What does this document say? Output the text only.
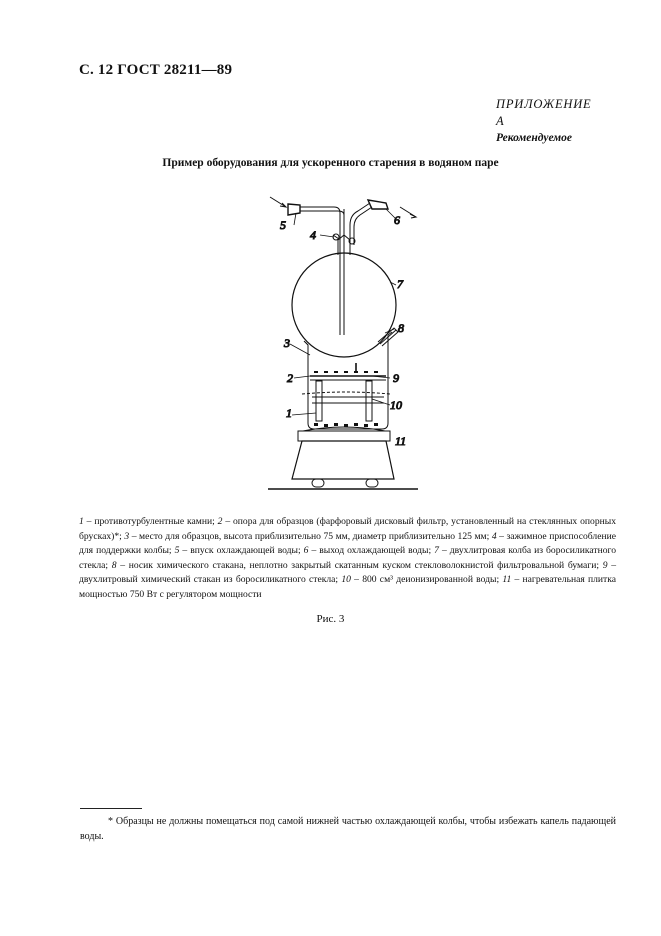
С. 12 ГОСТ 28211—89
ПРИЛОЖЕНИЕ А
Рекомендуемое
Пример оборудования для ускоренного старения в водяном паре
1
2
3
4
5	6
7
8
9
10
11
1 – противотурбулентные камни; 2 – опора для образцов (фарфоровый дисковый фильтр, установленный на стеклянных опорных брусках)*; 3 – место для образцов, высота приблизительно 75 мм, диаметр приблизительно 125 мм; 4 – зажимное приспособление для поддержки колбы; 5 – впуск охлаждающей воды; 6 – выход охлаждающей воды; 7 – двухлитровая колба из боросиликатного стекла; 8 – носик химического стакана, неплотно закрытый скатанным куском стекловолокнистой фильтровальной бумаги; 9 – двухлитровый химический стакан из боросиликатного стекла; 10 – 800 см³ деионизированной воды; 11 – нагревательная плитка мощностью 750 Вт с регулятором мощности
Рис. 3
* Образцы не должны помещаться под самой нижней частью охлаждающей колбы, чтобы избежать капель падающей воды.
